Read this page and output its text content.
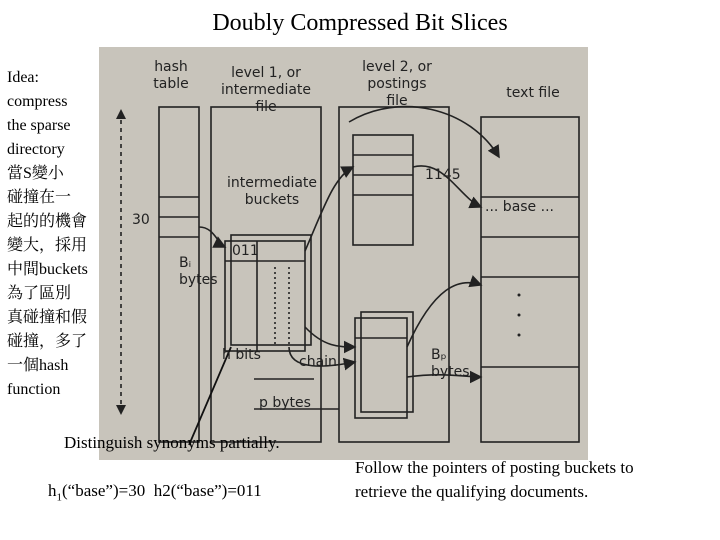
Doubly Compressed Bit Slices
Idea:
compress
the sparse
directory
當S變小
碰撞在一
起的的機會
變大，採用
中間buckets
為了區別
真碰撞和假
碰撞，多了
一個hash
function
hash
table
level 1, or
intermediate
file
level 2, or
postings
file	text file
intermediate
buckets
30
Bᵢ
bytes
011
h bits	chain
p bytes
Bₚ
bytes
1145
... base ...
Distinguish synonyms partially.
$h_1(“base”)=30$ h2(“base”)=011
Follow the pointers of posting buckets to retrieve the qualifying documents.
